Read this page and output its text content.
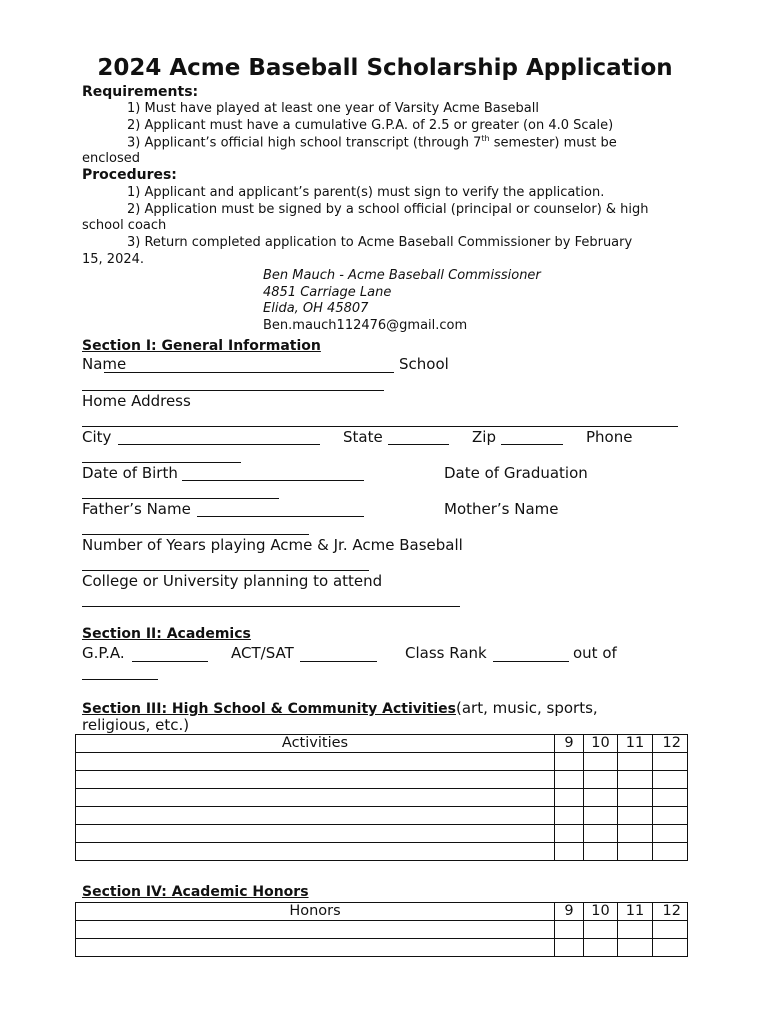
2024 Acme Baseball Scholarship Application
Requirements:
1) Must have played at least one year of Varsity Acme Baseball
2) Applicant must have a cumulative G.P.A. of 2.5 or greater (on 4.0 Scale)
3) Applicant’s official high school transcript (through 7th semester) must be
enclosed
Procedures:
1) Applicant and applicant’s parent(s) must sign to verify the application.
2) Application must be signed by a school official (principal or counselor) & high
school coach
3) Return completed application to Acme Baseball Commissioner by February
15, 2024.
Ben Mauch - Acme Baseball Commissioner
4851 Carriage Lane
Elida, OH 45807
Ben.mauch112476@gmail.com
Section I: General Information
Name	School
Home Address
City	State	Zip	Phone
Date of Birth	Date of Graduation
Father’s Name	Mother’s Name
Number of Years playing Acme & Jr. Acme Baseball
College or University planning to attend
Section II: Academics
G.P.A.	ACT/SAT	Class Rank	out of
Section III: High School & Community Activities(art, music, sports,
religious, etc.)
Activities	9	10	11	12

Section IV: Academic Honors
Honors	9	10	11	12
